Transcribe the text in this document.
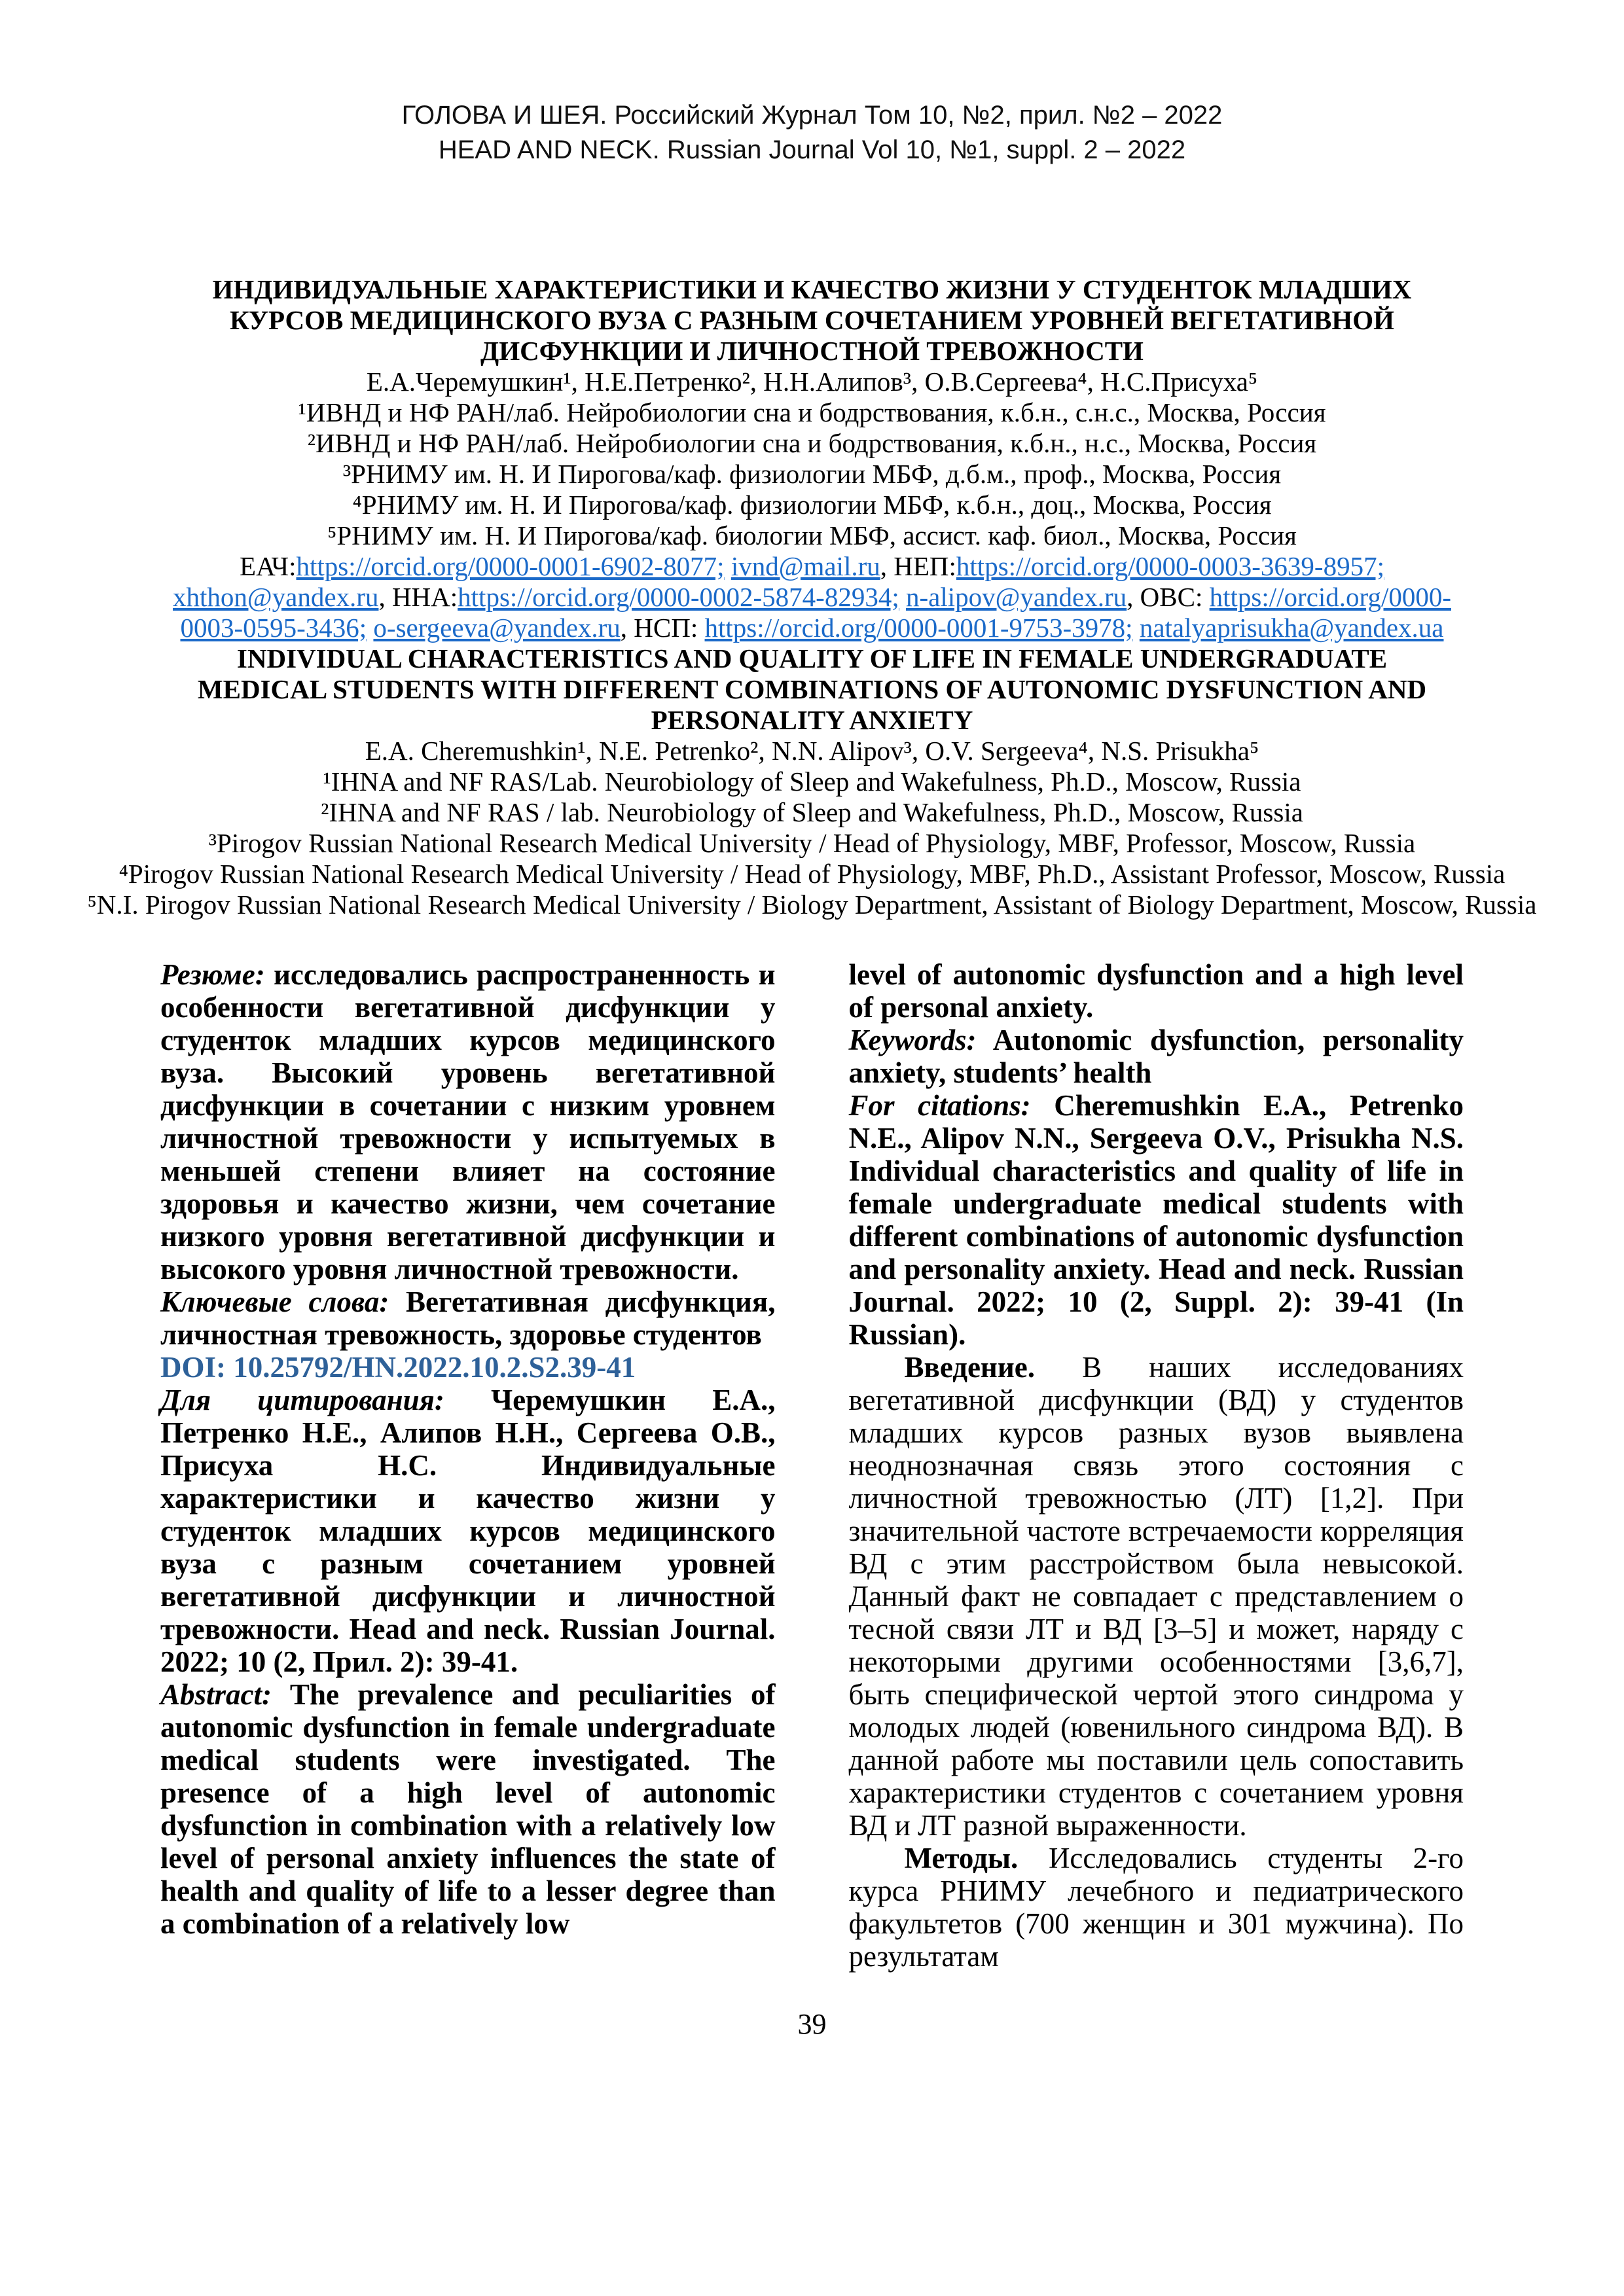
ГОЛОВА И ШЕЯ. Российский Журнал Том 10, №2, прил. №2 – 2022
HEAD AND NECK. Russian Journal Vol 10, №1, suppl. 2 – 2022
ИНДИВИДУАЛЬНЫЕ ХАРАКТЕРИСТИКИ И КАЧЕСТВО ЖИЗНИ У СТУДЕНТОК МЛАДШИХ КУРСОВ МЕДИЦИНСКОГО ВУЗА С РАЗНЫМ СОЧЕТАНИЕМ УРОВНЕЙ ВЕГЕТАТИВНОЙ ДИСФУНКЦИИ И ЛИЧНОСТНОЙ ТРЕВОЖНОСТИ
Е.А.Черемушкин¹, Н.Е.Петренко², Н.Н.Алипов³, О.В.Сергеева⁴, Н.С.Присуха⁵
¹ИВНД и НФ РАН/лаб. Нейробиологии сна и бодрствования, к.б.н., с.н.с., Москва, Россия
²ИВНД и НФ РАН/лаб. Нейробиологии сна и бодрствования, к.б.н., н.с., Москва, Россия
³РНИМУ им. Н. И Пирогова/каф. физиологии МБФ, д.б.м., проф., Москва, Россия
⁴РНИМУ им. Н. И Пирогова/каф. физиологии МБФ, к.б.н., доц., Москва, Россия
⁵РНИМУ им. Н. И Пирогова/каф. биологии МБФ, ассист. каф. биол., Москва, Россия
ЕАЧ:https://orcid.org/0000-0001-6902-8077; ivnd@mail.ru, НЕП:https://orcid.org/0000-0003-3639-8957; xhthon@yandex.ru, ННА:https://orcid.org/0000-0002-5874-82934; n-alipov@yandex.ru, ОВС: https://orcid.org/0000-0003-0595-3436; o-sergeeva@yandex.ru, НСП: https://orcid.org/0000-0001-9753-3978; natalyaprisukha@yandex.ua
INDIVIDUAL CHARACTERISTICS AND QUALITY OF LIFE IN FEMALE UNDERGRADUATE MEDICAL STUDENTS WITH DIFFERENT COMBINATIONS OF AUTONOMIC DYSFUNCTION AND PERSONALITY ANXIETY
E.A. Cheremushkin¹, N.E. Petrenko², N.N. Alipov³, O.V. Sergeeva⁴, N.S. Prisukha⁵
¹IHNA and NF RAS/Lab. Neurobiology of Sleep and Wakefulness, Ph.D., Moscow, Russia
²IHNA and NF RAS / lab. Neurobiology of Sleep and Wakefulness, Ph.D., Moscow, Russia
³Pirogov Russian National Research Medical University / Head of Physiology, MBF, Professor, Moscow, Russia
⁴Pirogov Russian National Research Medical University / Head of Physiology, MBF, Ph.D., Assistant Professor, Moscow, Russia
⁵N.I. Pirogov Russian National Research Medical University / Biology Department, Assistant of Biology Department, Moscow, Russia

Резюме: исследовались распространенность и особенности вегетативной дисфункции у студенток младших курсов медицинского вуза. Высокий уровень вегетативной дисфункции в сочетании с низким уровнем личностной тревожности у испытуемых в меньшей степени влияет на состояние здоровья и качество жизни, чем сочетание низкого уровня вегетативной дисфункции и высокого уровня личностной тревожности.

Ключевые слова: Вегетативная дисфункция, личностная тревожность, здоровье студентов

DOI: 10.25792/HN.2022.10.2.S2.39-41

Для цитирования: Черемушкин Е.А., Петренко Н.Е., Алипов Н.Н., Сергеева О.В., Присуха Н.С. Индивидуальные характеристики и качество жизни у студенток младших курсов медицинского вуза с разным сочетанием уровней вегетативной дисфункции и личностной тревожности. Head and neck. Russian Journal. 2022; 10 (2, Прил. 2): 39-41.

Abstract: The prevalence and peculiarities of autonomic dysfunction in female undergraduate medical students were investigated. The presence of a high level of autonomic dysfunction in combination with a relatively low level of personal anxiety influences the state of health and quality of life to a lesser degree than a combination of a relatively low

level of autonomic dysfunction and a high level of personal anxiety.

Keywords: Autonomic dysfunction, personality anxiety, students’ health

For citations: Cheremushkin E.A., Petrenko N.E., Alipov N.N., Sergeeva O.V., Prisukha N.S. Individual characteristics and quality of life in female undergraduate medical students with different combinations of autonomic dysfunction and personality anxiety. Head and neck. Russian Journal. 2022; 10 (2, Suppl. 2): 39-41 (In Russian).

Введение. В наших исследованиях вегетативной дисфункции (ВД) у студентов младших курсов разных вузов выявлена неоднозначная связь этого состояния с личностной тревожностью (ЛТ) [1,2]. При значительной частоте встречаемости корреляция ВД с этим расстройством была невысокой. Данный факт не совпадает с представлением о тесной связи ЛТ и ВД [3–5] и может, наряду с некоторыми другими особенностями [3,6,7], быть специфической чертой этого синдрома у молодых людей (ювенильного синдрома ВД). В данной работе мы поставили цель сопоставить характеристики студентов с сочетанием уровня ВД и ЛТ разной выраженности.

Методы. Исследовались студенты 2-го курса РНИМУ лечебного и педиатрического факультетов (700 женщин и 301 мужчина). По результатам

39
